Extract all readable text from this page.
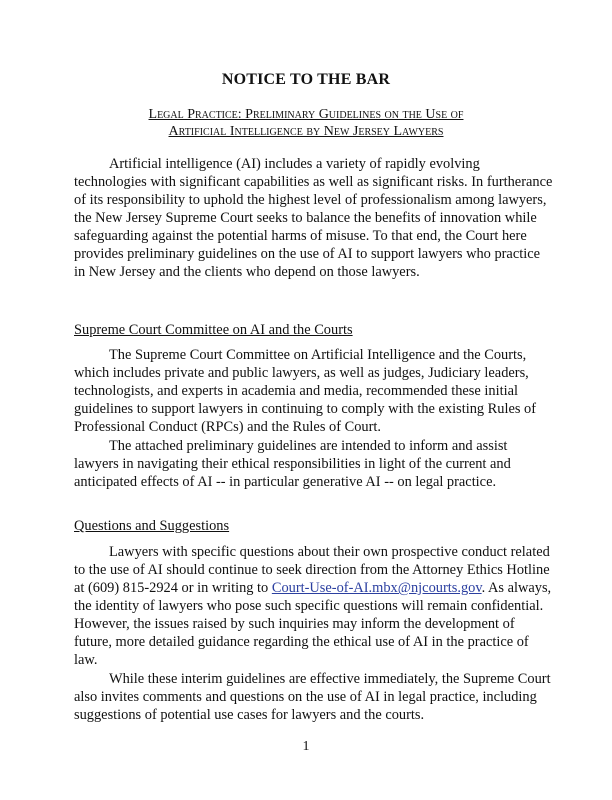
NOTICE TO THE BAR
Legal Practice: Preliminary Guidelines on the Use of
Artificial Intelligence by New Jersey Lawyers

Artificial intelligence (AI) includes a variety of rapidly evolving technologies with significant capabilities as well as significant risks. In furtherance of its responsibility to uphold the highest level of professionalism among lawyers, the New Jersey Supreme Court seeks to balance the benefits of innovation while safeguarding against the potential harms of misuse. To that end, the Court here provides preliminary guidelines on the use of AI to support lawyers who practice in New Jersey and the clients who depend on those lawyers.

Supreme Court Committee on AI and the Courts

The Supreme Court Committee on Artificial Intelligence and the Courts, which includes private and public lawyers, as well as judges, Judiciary leaders, technologists, and experts in academia and media, recommended these initial guidelines to support lawyers in continuing to comply with the existing Rules of Professional Conduct (RPCs) and the Rules of Court.

The attached preliminary guidelines are intended to inform and assist lawyers in navigating their ethical responsibilities in light of the current and anticipated effects of AI -- in particular generative AI -- on legal practice.

Questions and Suggestions

Lawyers with specific questions about their own prospective conduct related to the use of AI should continue to seek direction from the Attorney Ethics Hotline at (609) 815-2924 or in writing to Court-Use-of-AI.mbx@njcourts.gov. As always, the identity of lawyers who pose such specific questions will remain confidential. However, the issues raised by such inquiries may inform the development of future, more detailed guidance regarding the ethical use of AI in the practice of law.

While these interim guidelines are effective immediately, the Supreme Court also invites comments and questions on the use of AI in legal practice, including suggestions of potential use cases for lawyers and the courts.

1
